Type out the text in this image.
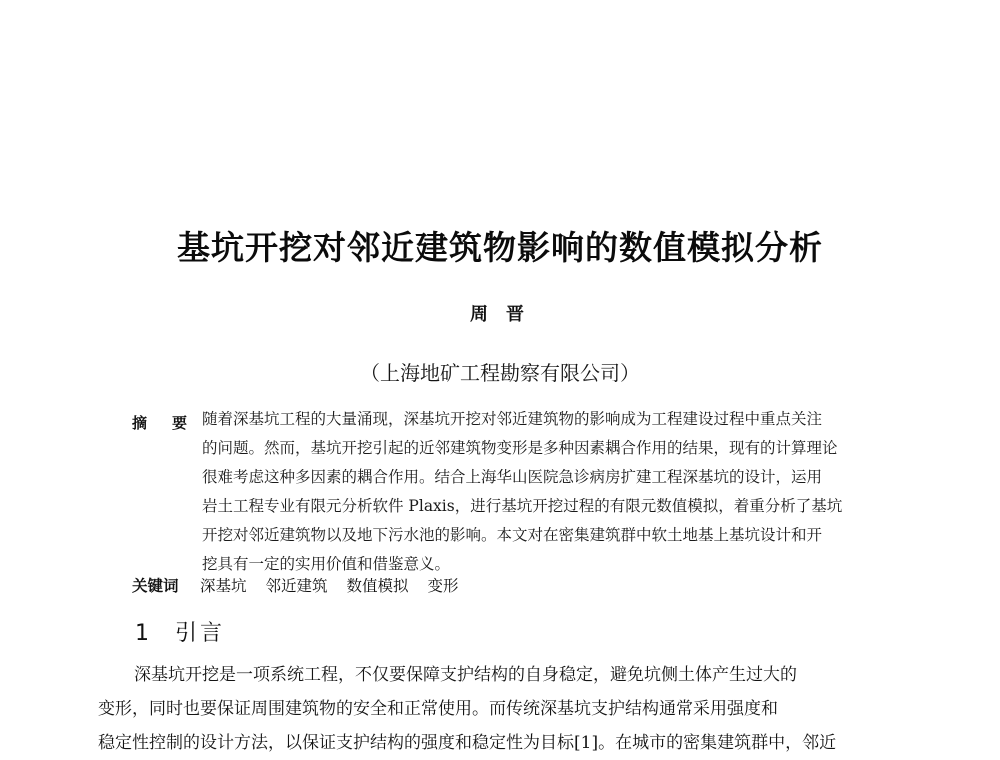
基坑开挖对邻近建筑物影响的数值模拟分析
周晋
（上海地矿工程勘察有限公司）
摘 要 随着深基坑工程的大量涌现，深基坑开挖对邻近建筑物的影响成为工程建设过程中重点关注
的问题。然而，基坑开挖引起的近邻建筑物变形是多种因素耦合作用的结果，现有的计算理论
很难考虑这种多因素的耦合作用。结合上海华山医院急诊病房扩建工程深基坑的设计，运用
岩土工程专业有限元分析软件 Plaxis，进行基坑开挖过程的有限元数值模拟，着重分析了基坑
开挖对邻近建筑物以及地下污水池的影响。本文对在密集建筑群中软土地基上基坑设计和开
挖具有一定的实用价值和借鉴意义。
关键词	深基坑 邻近建筑 数值模拟 变形
1	引言
深基坑开挖是一项系统工程，不仅要保障支护结构的自身稳定，避免坑侧土体产生过大的
变形，同时也要保证周围建筑物的安全和正常使用。而传统深基坑支护结构通常采用强度和
稳定性控制的设计方法，以保证支护结构的强度和稳定性为目标[1]。在城市的密集建筑群中，邻近
